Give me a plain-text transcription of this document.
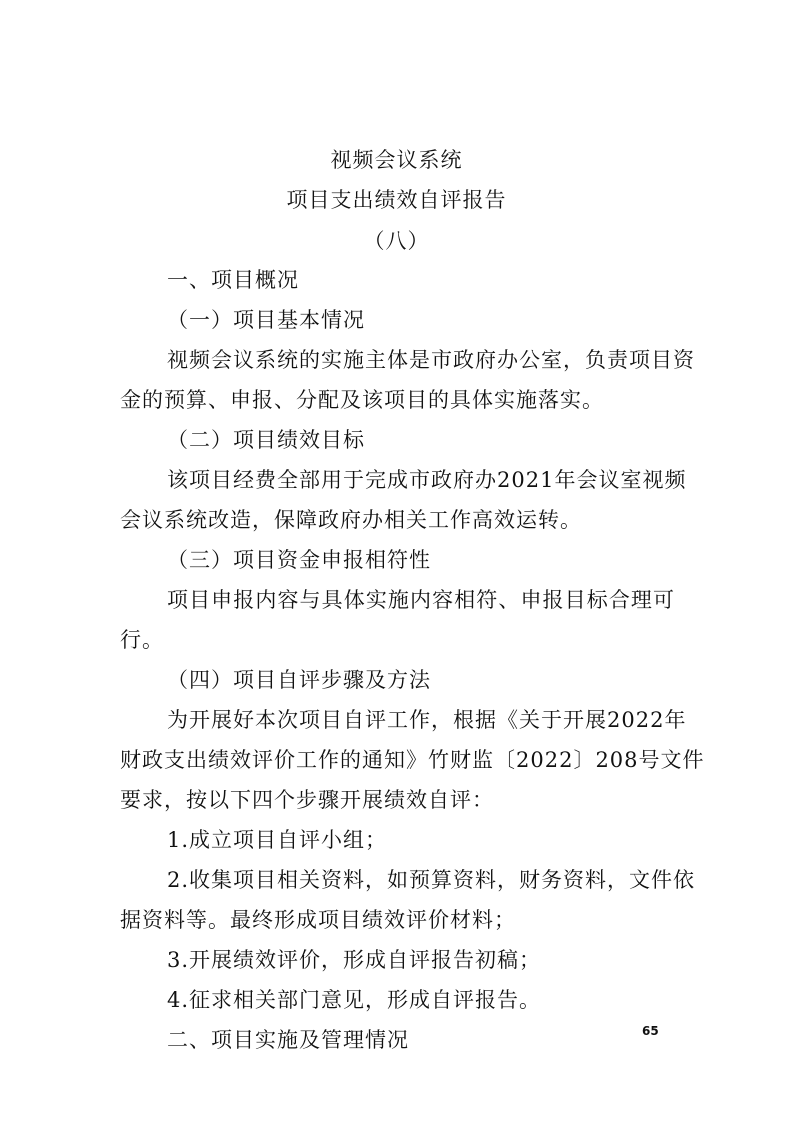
视频会议系统
项目支出绩效自评报告
（八）
一、项目概况
（一）项目基本情况
视频会议系统的实施主体是市政府办公室，负责项目资
金的预算、申报、分配及该项目的具体实施落实。
（二）项目绩效目标
该项目经费全部用于完成市政府办2021年会议室视频
会议系统改造，保障政府办相关工作高效运转。
（三）项目资金申报相符性
项目申报内容与具体实施内容相符、申报目标合理可
行。
（四）项目自评步骤及方法
为开展好本次项目自评工作，根据《关于开展2022年
财政支出绩效评价工作的通知》竹财监〔2022〕208号文件
要求，按以下四个步骤开展绩效自评：
1.成立项目自评小组；
2.收集项目相关资料，如预算资料，财务资料，文件依
据资料等。最终形成项目绩效评价材料；
3.开展绩效评价，形成自评报告初稿；
4.征求相关部门意见，形成自评报告。
二、项目实施及管理情况	65
